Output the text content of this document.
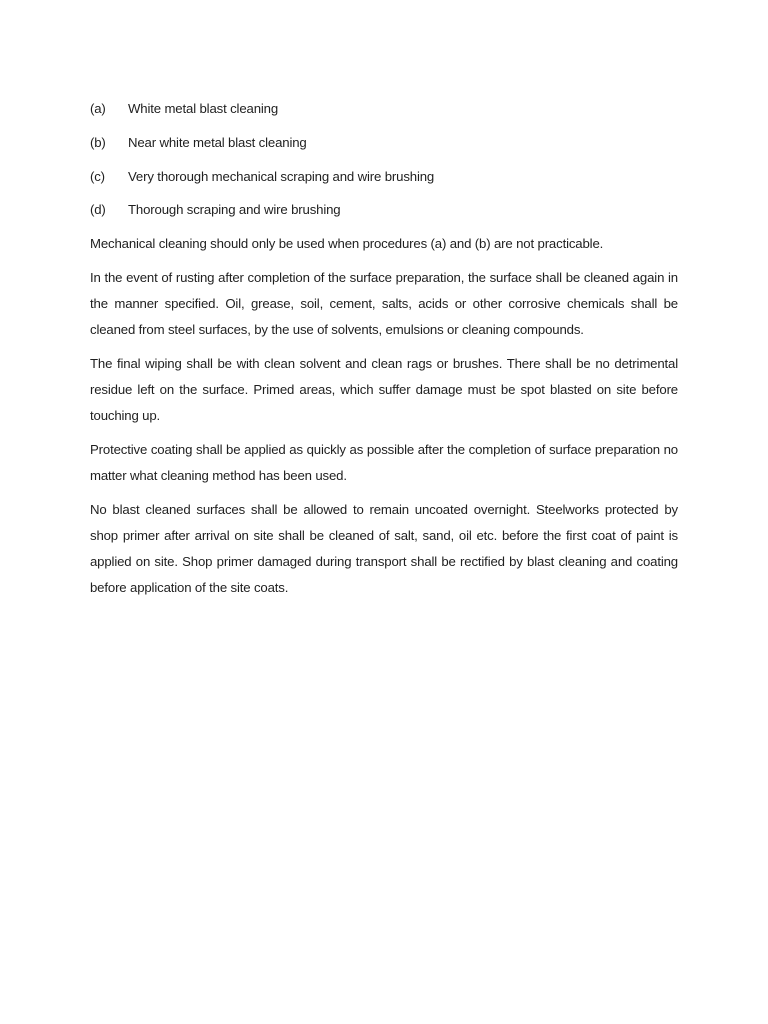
(a)	White metal blast cleaning
(b)	Near white metal blast cleaning
(c)	Very thorough mechanical scraping and wire brushing
(d)	Thorough scraping and wire brushing

Mechanical cleaning should only be used when procedures (a) and (b) are not practicable.

In the event of rusting after completion of the surface preparation, the surface shall be cleaned again in the manner specified. Oil, grease, soil, cement, salts, acids or other corrosive chemicals shall be cleaned from steel surfaces, by the use of solvents, emulsions or cleaning compounds.

The final wiping shall be with clean solvent and clean rags or brushes. There shall be no detrimental residue left on the surface. Primed areas, which suffer damage must be spot blasted on site before touching up.

Protective coating shall be applied as quickly as possible after the completion of surface preparation no matter what cleaning method has been used.

No blast cleaned surfaces shall be allowed to remain uncoated overnight. Steelworks protected by shop primer after arrival on site shall be cleaned of salt, sand, oil etc. before the first coat of paint is applied on site. Shop primer damaged during transport shall be rectified by blast cleaning and coating before application of the site coats.
